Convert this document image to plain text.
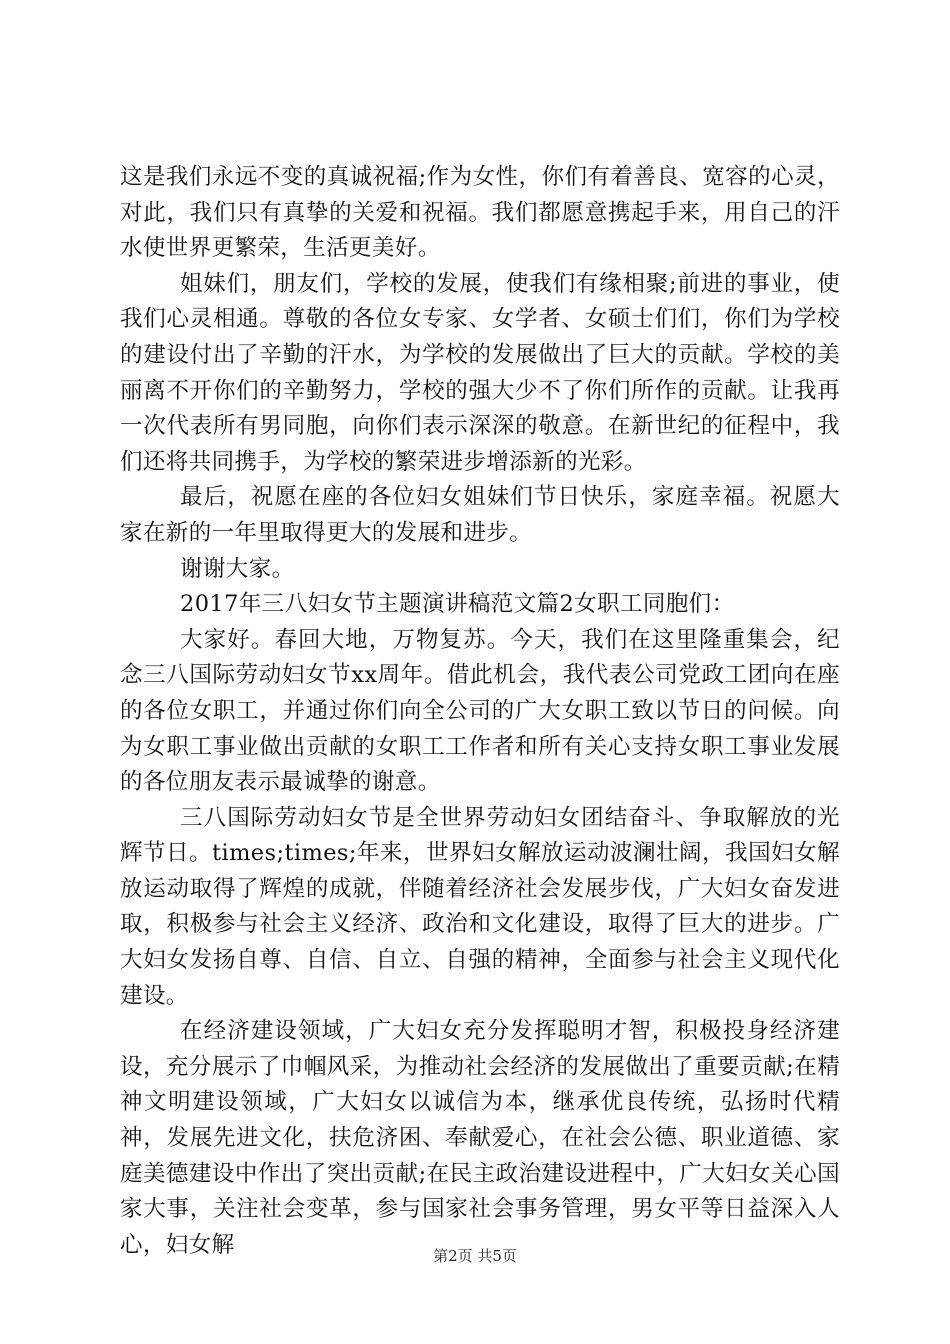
这是我们永远不变的真诚祝福;作为女性，你们有着善良、宽容的心灵，对此，我们只有真挚的关爱和祝福。我们都愿意携起手来，用自己的汗水使世界更繁荣，生活更美好。

姐妹们，朋友们，学校的发展，使我们有缘相聚;前进的事业，使我们心灵相通。尊敬的各位女专家、女学者、女硕士们们，你们为学校的建设付出了辛勤的汗水，为学校的发展做出了巨大的贡献。学校的美丽离不开你们的辛勤努力，学校的强大少不了你们所作的贡献。让我再一次代表所有男同胞，向你们表示深深的敬意。在新世纪的征程中，我们还将共同携手，为学校的繁荣进步增添新的光彩。

最后，祝愿在座的各位妇女姐妹们节日快乐，家庭幸福。祝愿大家在新的一年里取得更大的发展和进步。

谢谢大家。

2017年三八妇女节主题演讲稿范文篇2女职工同胞们：

大家好。春回大地，万物复苏。今天，我们在这里隆重集会，纪念三八国际劳动妇女节xx周年。借此机会，我代表公司党政工团向在座的各位女职工，并通过你们向全公司的广大女职工致以节日的问候。向为女职工事业做出贡献的女职工工作者和所有关心支持女职工事业发展的各位朋友表示最诚挚的谢意。

三八国际劳动妇女节是全世界劳动妇女团结奋斗、争取解放的光辉节日。times;times;年来，世界妇女解放运动波澜壮阔，我国妇女解放运动取得了辉煌的成就，伴随着经济社会发展步伐，广大妇女奋发进取，积极参与社会主义经济、政治和文化建设，取得了巨大的进步。广大妇女发扬自尊、自信、自立、自强的精神，全面参与社会主义现代化建设。

在经济建设领域，广大妇女充分发挥聪明才智，积极投身经济建设，充分展示了巾帼风采，为推动社会经济的发展做出了重要贡献;在精神文明建设领域，广大妇女以诚信为本，继承优良传统，弘扬时代精神，发展先进文化，扶危济困、奉献爱心，在社会公德、职业道德、家庭美德建设中作出了突出贡献;在民主政治建设进程中，广大妇女关心国家大事，关注社会变革，参与国家社会事务管理，男女平等日益深入人心，妇女解	第2页 共5页
